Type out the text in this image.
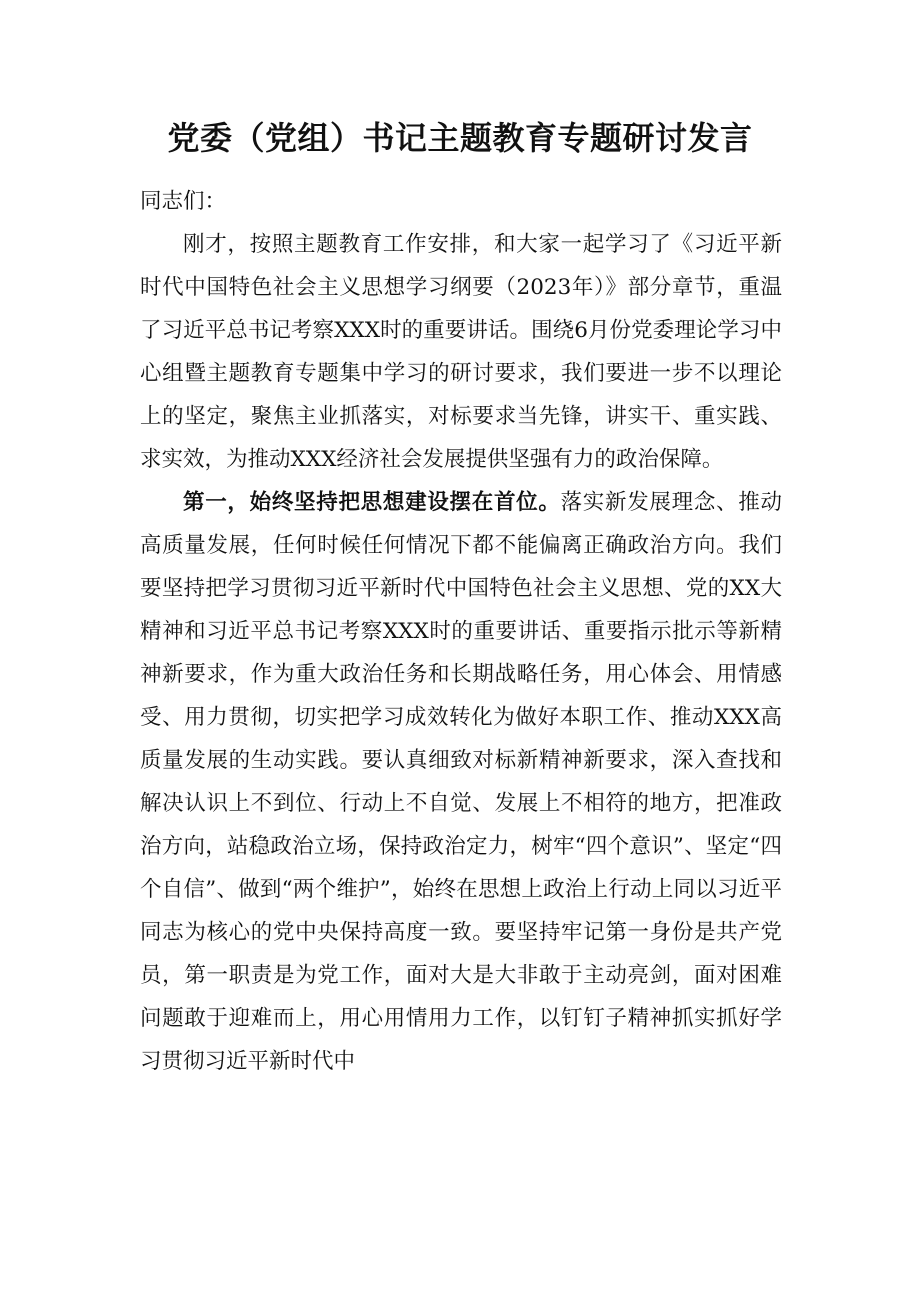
党委（党组）书记主题教育专题研讨发言

同志们：

刚才，按照主题教育工作安排，和大家一起学习了《习近平新时代中国特色社会主义思想学习纲要（2023年）》部分章节，重温了习近平总书记考察XXX时的重要讲话。围绕6月份党委理论学习中心组暨主题教育专题集中学习的研讨要求，我们要进一步不以理论上的坚定，聚焦主业抓落实，对标要求当先锋，讲实干、重实践、求实效，为推动XXX经济社会发展提供坚强有力的政治保障。

第一，始终坚持把思想建设摆在首位。落实新发展理念、推动高质量发展，任何时候任何情况下都不能偏离正确政治方向。我们要坚持把学习贯彻习近平新时代中国特色社会主义思想、党的XX大精神和习近平总书记考察XXX时的重要讲话、重要指示批示等新精神新要求，作为重大政治任务和长期战略任务，用心体会、用情感受、用力贯彻，切实把学习成效转化为做好本职工作、推动XXX高质量发展的生动实践。要认真细致对标新精神新要求，深入查找和解决认识上不到位、行动上不自觉、发展上不相符的地方，把准政治方向，站稳政治立场，保持政治定力，树牢“四个意识”、坚定“四个自信”、做到“两个维护”，始终在思想上政治上行动上同以习近平同志为核心的党中央保持高度一致。要坚持牢记第一身份是共产党员，第一职责是为党工作，面对大是大非敢于主动亮剑，面对困难问题敢于迎难而上，用心用情用力工作，以钉钉子精神抓实抓好学习贯彻习近平新时代中
